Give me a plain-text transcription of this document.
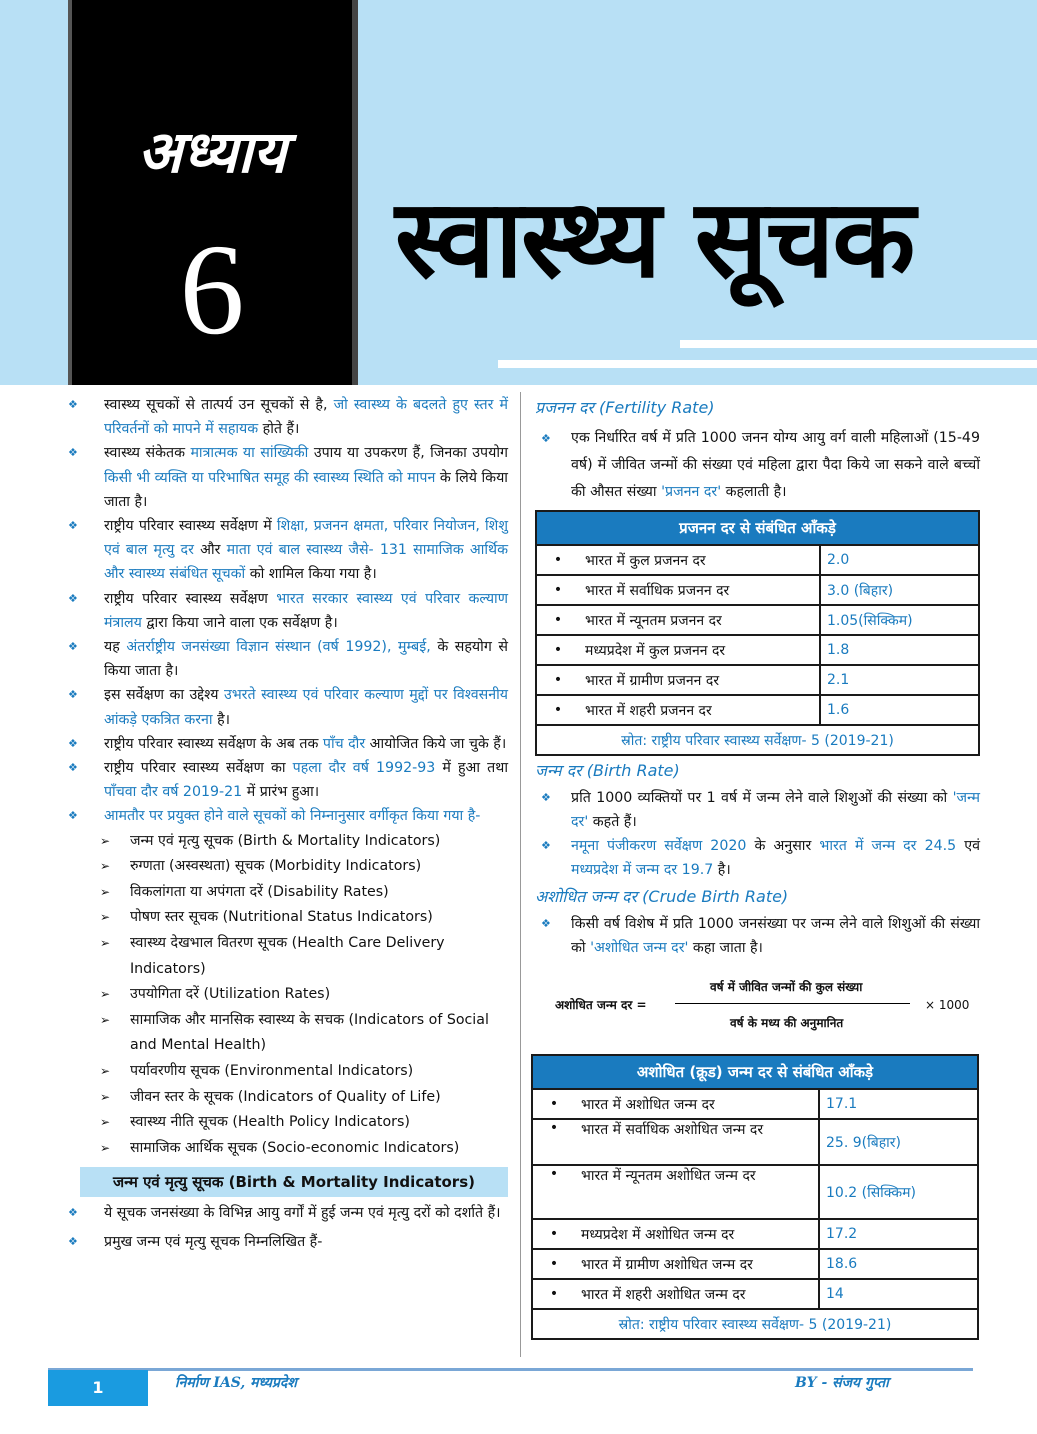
अध्याय
6	स्वास्थ्य सूचक
❖ स्वास्थ्य सूचकों से तात्पर्य उन सूचकों से है, जो स्वास्थ्य के बदलते हुए स्तर में परिवर्तनों को मापने में सहायक होते हैं।
❖ स्वास्थ्य संकेतक मात्रात्मक या सांख्यिकी उपाय या उपकरण हैं, जिनका उपयोग किसी भी व्यक्ति या परिभाषित समूह की स्वास्थ्य स्थिति को मापन के लिये किया जाता है।
❖ राष्ट्रीय परिवार स्वास्थ्य सर्वेक्षण में शिक्षा, प्रजनन क्षमता, परिवार नियोजन, शिशु एवं बाल मृत्यु दर और माता एवं बाल स्वास्थ्य जैसे- 131 सामाजिक आर्थिक और स्वास्थ्य संबंधित सूचकों को शामिल किया गया है।
❖ राष्ट्रीय परिवार स्वास्थ्य सर्वेक्षण भारत सरकार स्वास्थ्य एवं परिवार कल्याण मंत्रालय द्वारा किया जाने वाला एक सर्वेक्षण है।
❖ यह अंतर्राष्ट्रीय जनसंख्या विज्ञान संस्थान (वर्ष 1992), मुम्बई, के सहयोग से किया जाता है।
❖ इस सर्वेक्षण का उद्देश्य उभरते स्वास्थ्य एवं परिवार कल्याण मुद्दों पर विश्वसनीय आंकड़े एकत्रित करना है।
❖ राष्ट्रीय परिवार स्वास्थ्य सर्वेक्षण के अब तक पाँच दौर आयोजित किये जा चुके हैं।
❖ राष्ट्रीय परिवार स्वास्थ्य सर्वेक्षण का पहला दौर वर्ष 1992-93 में हुआ तथा पाँचवा दौर वर्ष 2019-21 में प्रारंभ हुआ।
❖ आमतौर पर प्रयुक्त होने वाले सूचकों को निम्नानुसार वर्गीकृत किया गया है-
➢ जन्म एवं मृत्यु सूचक (Birth & Mortality Indicators)
➢ रुग्णता (अस्वस्थता) सूचक (Morbidity Indicators)
➢ विकलांगता या अपंगता दरें (Disability Rates)
➢ पोषण स्तर सूचक (Nutritional Status Indicators)
➢ स्वास्थ्य देखभाल वितरण सूचक (Health Care Delivery Indicators)
➢ उपयोगिता दरें (Utilization Rates)
➢ सामाजिक और मानसिक स्वास्थ्य के सचक (Indicators of Social and Mental Health)
➢ पर्यावरणीय सूचक (Environmental Indicators)
➢ जीवन स्तर के सूचक (Indicators of Quality of Life)
➢ स्वास्थ्य नीति सूचक (Health Policy Indicators)
➢ सामाजिक आर्थिक सूचक (Socio-economic Indicators)
जन्म एवं मृत्यु सूचक (Birth & Mortality Indicators)
❖ ये सूचक जनसंख्या के विभिन्न आयु वर्गों में हुई जन्म एवं मृत्यु दरों को दर्शाते हैं।
❖ प्रमुख जन्म एवं मृत्यु सूचक निम्नलिखित हैं-
प्रजनन दर (Fertility Rate)
❖ एक निर्धारित वर्ष में प्रति 1000 जनन योग्य आयु वर्ग वाली महिलाओं (15-49 वर्ष) में जीवित जन्मों की संख्या एवं महिला द्वारा पैदा किये जा सकने वाले बच्चों की औसत संख्या 'प्रजनन दर' कहलाती है।
प्रजनन दर से संबंधित आँकड़े		
•	भारत में कुल प्रजनन दर	2.0
•	भारत में सर्वाधिक प्रजनन दर	3.0 (बिहार)
•	भारत में न्यूनतम प्रजनन दर	1.05(सिक्किम)
•	मध्यप्रदेश में कुल प्रजनन दर	1.8
•	भारत में ग्रामीण प्रजनन दर	2.1
•	भारत में शहरी प्रजनन दर	1.6
स्रोत: राष्ट्रीय परिवार स्वास्थ्य सर्वेक्षण- 5 (2019-21)		
जन्म दर (Birth Rate)
❖ प्रति 1000 व्यक्तियों पर 1 वर्ष में जन्म लेने वाले शिशुओं की संख्या को 'जन्म दर' कहते हैं।
❖ नमूना पंजीकरण सर्वेक्षण 2020 के अनुसार भारत में जन्म दर 24.5 एवं मध्यप्रदेश में जन्म दर 19.7 है।
अशोधित जन्म दर (Crude Birth Rate)
❖ किसी वर्ष विशेष में प्रति 1000 जनसंख्या पर जन्म लेने वाले शिशुओं की संख्या को 'अशोधित जन्म दर' कहा जाता है।
अशोधित जन्म दर =
वर्ष में जीवित जन्मों की कुल संख्या
वर्ष के मध्य की अनुमानित
× 1000
अशोधित (क्रूड) जन्म दर से संबंधित आँकड़े		
•	भारत में अशोधित जन्म दर	17.1
•	भारत में सर्वाधिक अशोधित जन्म दर	25. 9(बिहार)
•	भारत में न्यूनतम अशोधित जन्म दर	10.2 (सिक्किम)
•	मध्यप्रदेश में अशोधित जन्म दर	17.2
•	भारत में ग्रामीण अशोधित जन्म दर	18.6
•	भारत में शहरी अशोधित जन्म दर	14
स्रोत: राष्ट्रीय परिवार स्वास्थ्य सर्वेक्षण- 5 (2019-21)		
1	निर्माण IAS, मध्यप्रदेश	BY - संजय गुप्ता
